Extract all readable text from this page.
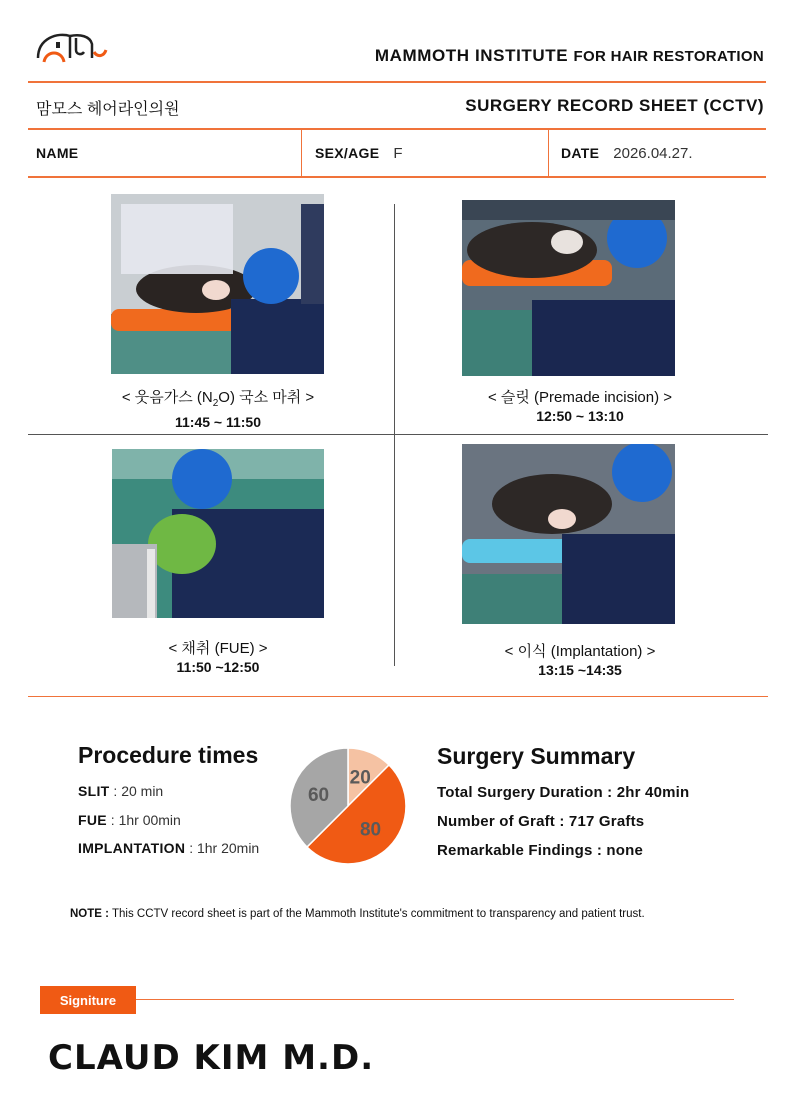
MAMMOTH INSTITUTE FOR HAIR RESTORATION
맘모스 헤어라인의원	SURGERY RECORD SHEET (CCTV)
NAME	SEX/AGE F	DATE 2026.04.27.
< 웃음가스 $(N_2O)$ 국소 마취 >
11:45 ~ 11:50
< 슬릿 (Premade incision) >
12:50 ~ 13:10
< 채취 (FUE) >
11:50 ~12:50
< 이식 (Implantation) >
13:15 ~14:35
Procedure times
SLIT : 20 min
FUE : 1hr 00min
IMPLANTATION : 1hr 20min
20
80
60
Surgery Summary
Total Surgery Duration : 2hr 40min
Number of Graft : 717 Grafts
Remarkable Findings : none
NOTE : This CCTV record sheet is part of the Mammoth Institute's commitment to transparency and patient trust.
Signiture
CLAUD KIM M.D.
